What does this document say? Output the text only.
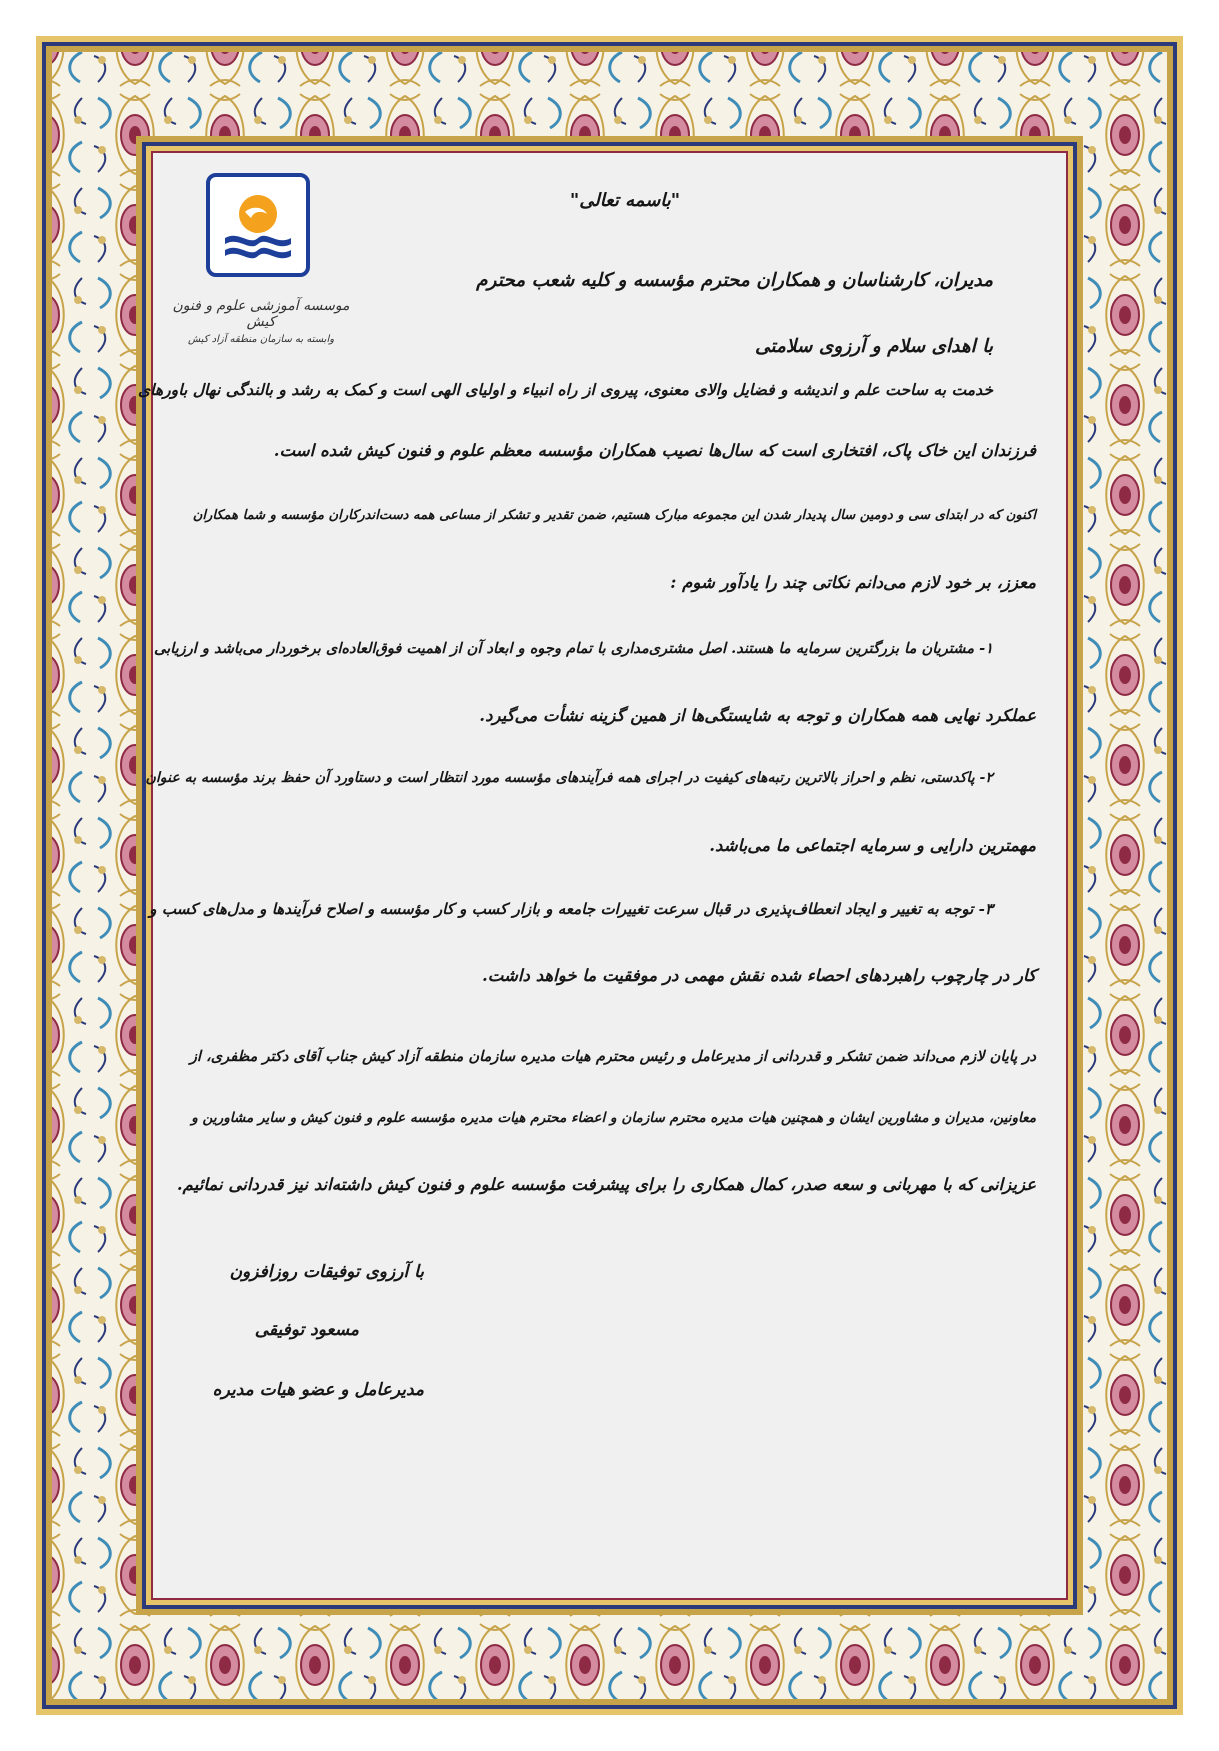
موسسه آموزشی علوم و فنون کیش
وابسته به سازمان منطقه آزاد کیش
"باسمه تعالی"
مدیران، کارشناسان و همکاران محترم مؤسسه و کلیه شعب محترم
با اهدای سلام و آرزوی سلامتی
خدمت به ساحت علم و اندیشه و فضایل والای معنوی، پیروی از راه انبیاء و اولیای الهی است و کمک به رشد و بالندگی نهال باورهای
فرزندان این خاک پاک، افتخاری است که سال‌ها نصیب همکاران مؤسسه معظم علوم و فنون کیش شده است.
اکنون که در ابتدای سی و دومین سال پدیدار شدن این مجموعه مبارک هستیم، ضمن تقدیر و تشکر از مساعی همه دست‌اندرکاران مؤسسه و شما همکاران
معزز، بر خود لازم می‌دانم نکاتی چند را یادآور شوم :
۱- مشتریان ما بزرگترین سرمایه ما هستند. اصل مشتری‌مداری با تمام وجوه و ابعاد آن از اهمیت فوق‌العاده‌ای برخوردار می‌باشد و ارزیابی
عملکرد نهایی همه همکاران و توجه به شایستگی‌ها از همین گزینه نشأت می‌گیرد.
۲- پاکدستی، نظم و احراز بالاترین رتبه‌های کیفیت در اجرای همه فرآیندهای مؤسسه مورد انتظار است و دستاورد آن حفظ برند مؤسسه به عنوان
مهمترین دارایی و سرمایه اجتماعی ما می‌باشد.
۳- توجه به تغییر و ایجاد انعطاف‌پذیری در قبال سرعت تغییرات جامعه و بازار کسب و کار مؤسسه و اصلاح فرآیندها و مدل‌های کسب و
کار در چارچوب راهبردهای احصاء شده نقش مهمی در موفقیت ما خواهد داشت.
در پایان لازم می‌داند ضمن تشکر و قدردانی از مدیرعامل و رئیس محترم هیات مدیره سازمان منطقه آزاد کیش جناب آقای دکتر مظفری، از
معاونین، مدیران و مشاورین ایشان و همچنین هیات مدیره محترم سازمان و اعضاء محترم هیات مدیره مؤسسه علوم و فنون کیش و سایر مشاورین و
عزیزانی که با مهربانی و سعه صدر، کمال همکاری را برای پیشرفت مؤسسه علوم و فنون کیش داشته‌اند نیز قدردانی نمائیم.
با آرزوی توفیقات روزافزون
مسعود توفیقی
مدیرعامل و عضو هیات مدیره
